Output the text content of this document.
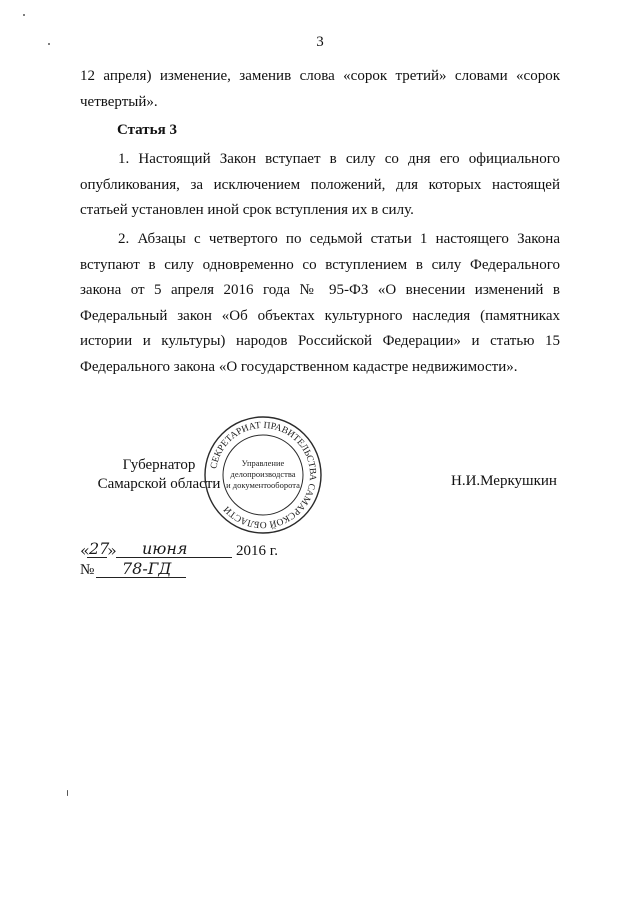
3

12 апреля) изменение, заменив слова «сорок третий» словами «сорок четвертый».

Статья 3

1. Настоящий Закон вступает в силу со дня его официального опубликования, за исключением положений, для которых настоящей статьей установлен иной срок вступления их в силу.

2. Абзацы с четвертого по седьмой статьи 1 настоящего Закона вступают в силу одновременно со вступлением в силу Федерального закона от 5 апреля 2016 года № 95-ФЗ «О внесении изменений в Федеральный закон «Об объектах культурного наследия (памятниках истории и культуры) народов Российской Федерации» и статью 15 Федерального закона «О государственном кадастре недвижимости».

Губернатор
Самарской области
СЕКРЕТАРИАТ ПРАВИТЕЛЬСТВА САМАРСКОЙ ОБЛАСТИ
Управление
делопроизводства
и документооборота	Н.И.Меркушкин
« 27
» июня	2016 г.
№ 78-ГД
